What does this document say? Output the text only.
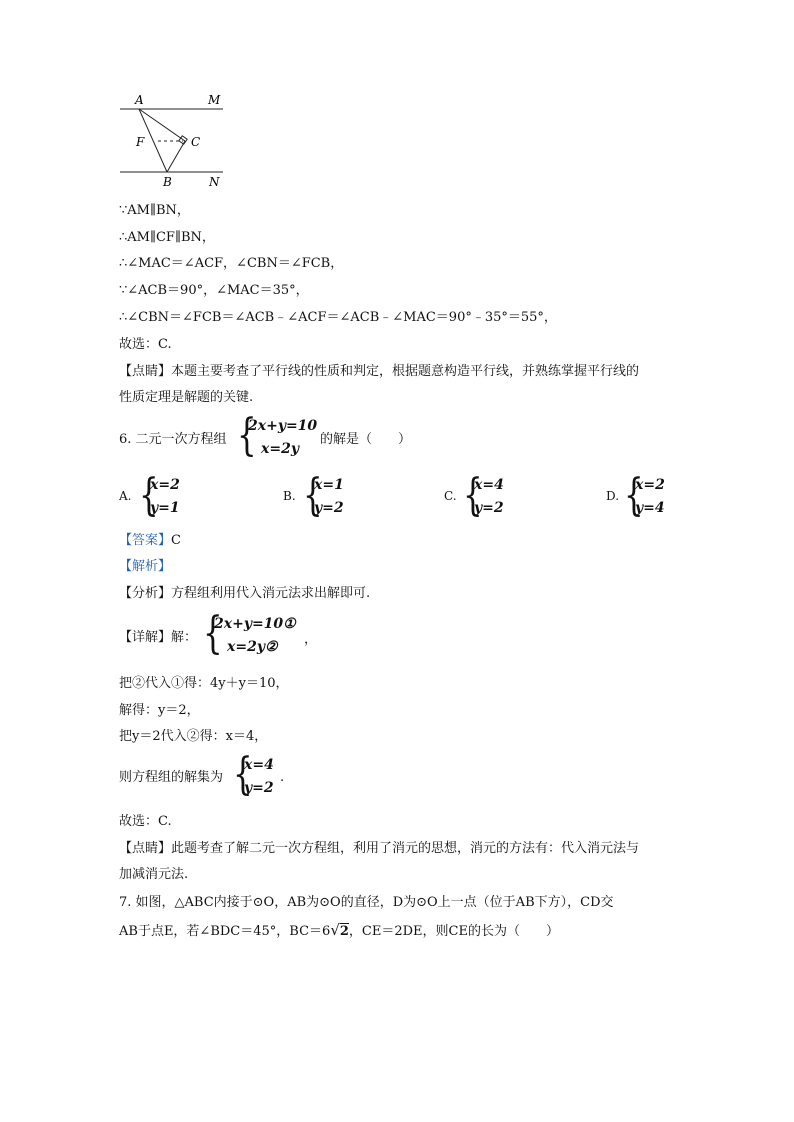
A	M
F	C
B	N
∵AM∥BN，
∴AM∥CF∥BN，
∴∠MAC＝∠ACF，∠CBN＝∠FCB，
∵∠ACB＝90°，∠MAC＝35°，
∴∠CBN＝∠FCB＝∠ACB﹣∠ACF＝∠ACB﹣∠MAC＝90°﹣35°＝55°，
故选：C.
【点睛】本题主要考查了平行线的性质和判定，根据题意构造平行线，并熟练掌握平行线的
性质定理是解题的关键.
6. 二元一次方程组 {
2x+y=10
x=2y
的解是（　　）
A. {
x=2
y=1
B. {
x=1
y=2
C. {
x=4
y=2
D. {
x=2
y=4
【答案】C
【解析】
【分析】方程组利用代入消元法求出解即可.
【详解】解： {
2x+y=10①
x=2y② ，
把②代入①得：4y＋y＝10，
解得：y＝2，
把y＝2代入②得：x＝4，
则方程组的解集为 {
x=4
y=2
.
故选：C.
【点睛】此题考查了解二元一次方程组，利用了消元的思想，消元的方法有：代入消元法与
加减消元法.
7. 如图，△ABC内接于⊙O，AB为⊙O的直径，D为⊙O上一点（位于AB下方），CD交
AB于点E，若∠BDC＝45°，BC＝6√2，CE＝2DE，则CE的长为（　　）
